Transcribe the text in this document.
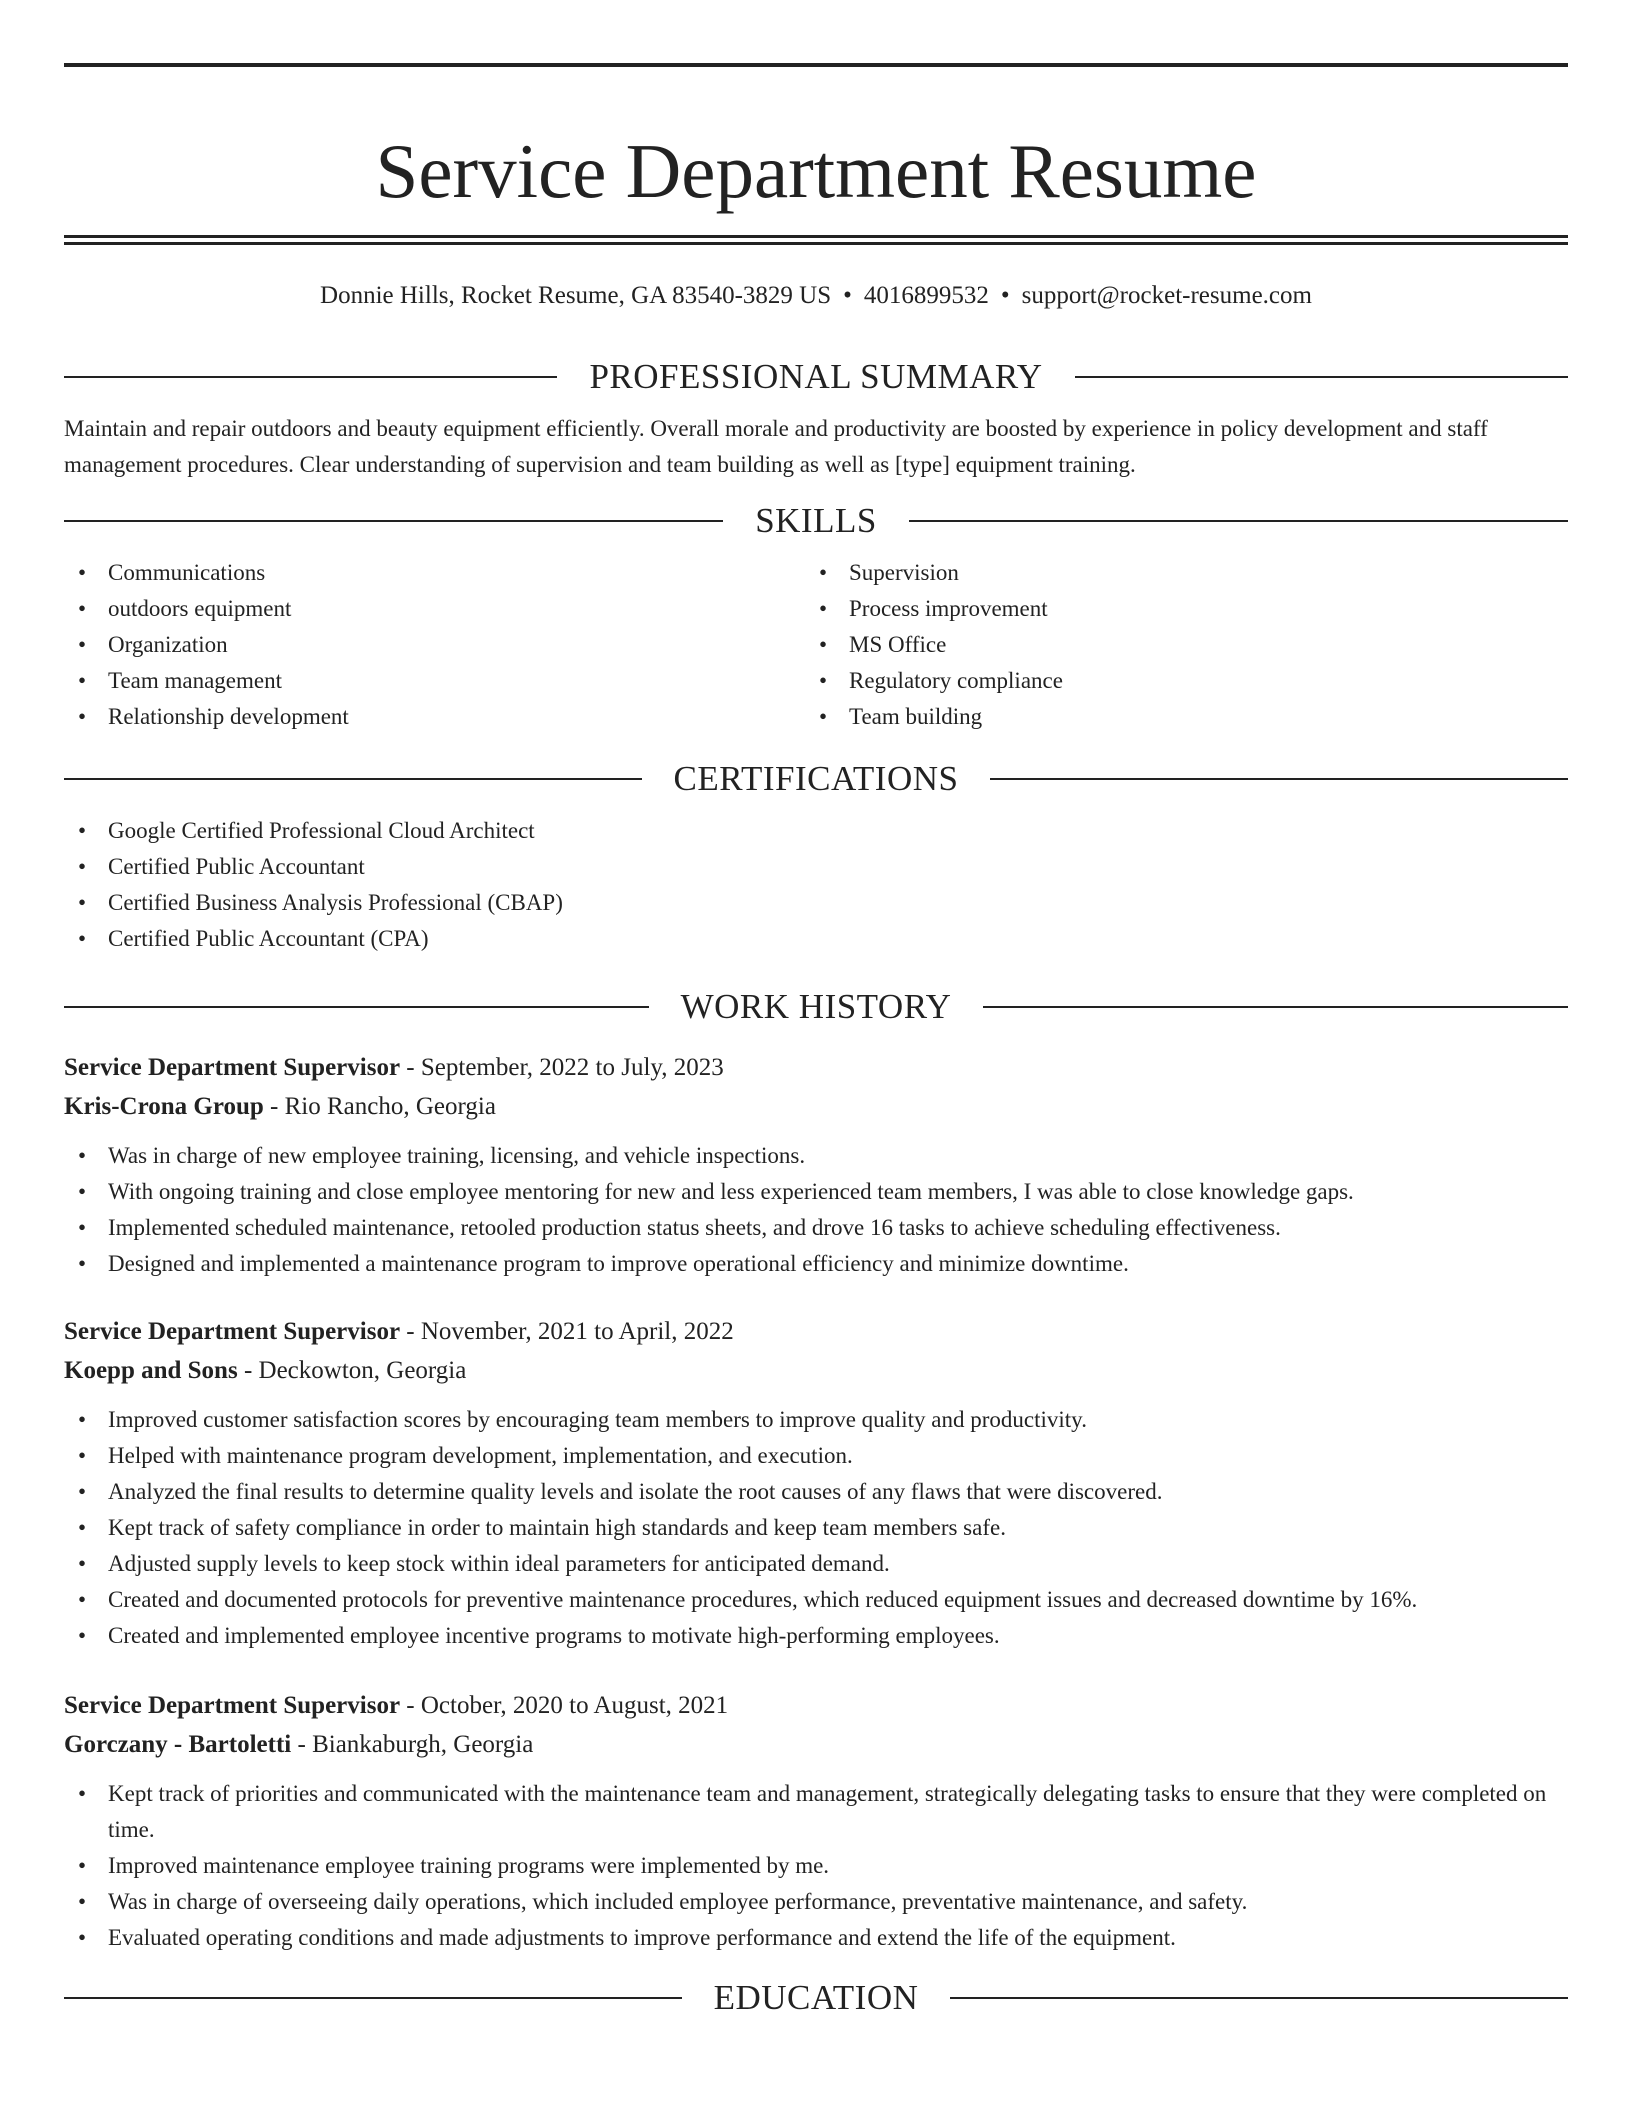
Service Department Resume
Donnie Hills, Rocket Resume, GA 83540-3829 US • 4016899532 • support@rocket-resume.com
PROFESSIONAL SUMMARY

Maintain and repair outdoors and beauty equipment efficiently. Overall morale and productivity are boosted by experience in policy development and staff management procedures. Clear understanding of supervision and team building as well as [type] equipment training.

SKILLS
• Communications
• outdoors equipment
• Organization
• Team management
• Relationship development
• Supervision
• Process improvement
• MS Office
• Regulatory compliance
• Team building
CERTIFICATIONS
• Google Certified Professional Cloud Architect
• Certified Public Accountant
• Certified Business Analysis Professional (CBAP)
• Certified Public Accountant (CPA)
WORK HISTORY
Service Department Supervisor - September, 2022 to July, 2023
Kris-Crona Group - Rio Rancho, Georgia
• Was in charge of new employee training, licensing, and vehicle inspections.
• With ongoing training and close employee mentoring for new and less experienced team members, I was able to close knowledge gaps.
• Implemented scheduled maintenance, retooled production status sheets, and drove 16 tasks to achieve scheduling effectiveness.
• Designed and implemented a maintenance program to improve operational efficiency and minimize downtime.
Service Department Supervisor - November, 2021 to April, 2022
Koepp and Sons - Deckowton, Georgia
• Improved customer satisfaction scores by encouraging team members to improve quality and productivity.
• Helped with maintenance program development, implementation, and execution.
• Analyzed the final results to determine quality levels and isolate the root causes of any flaws that were discovered.
• Kept track of safety compliance in order to maintain high standards and keep team members safe.
• Adjusted supply levels to keep stock within ideal parameters for anticipated demand.
• Created and documented protocols for preventive maintenance procedures, which reduced equipment issues and decreased downtime by 16%.
• Created and implemented employee incentive programs to motivate high-performing employees.
Service Department Supervisor - October, 2020 to August, 2021
Gorczany - Bartoletti - Biankaburgh, Georgia
• Kept track of priorities and communicated with the maintenance team and management, strategically delegating tasks to ensure that they were completed on time.
• Improved maintenance employee training programs were implemented by me.
• Was in charge of overseeing daily operations, which included employee performance, preventative maintenance, and safety.
• Evaluated operating conditions and made adjustments to improve performance and extend the life of the equipment.
EDUCATION
